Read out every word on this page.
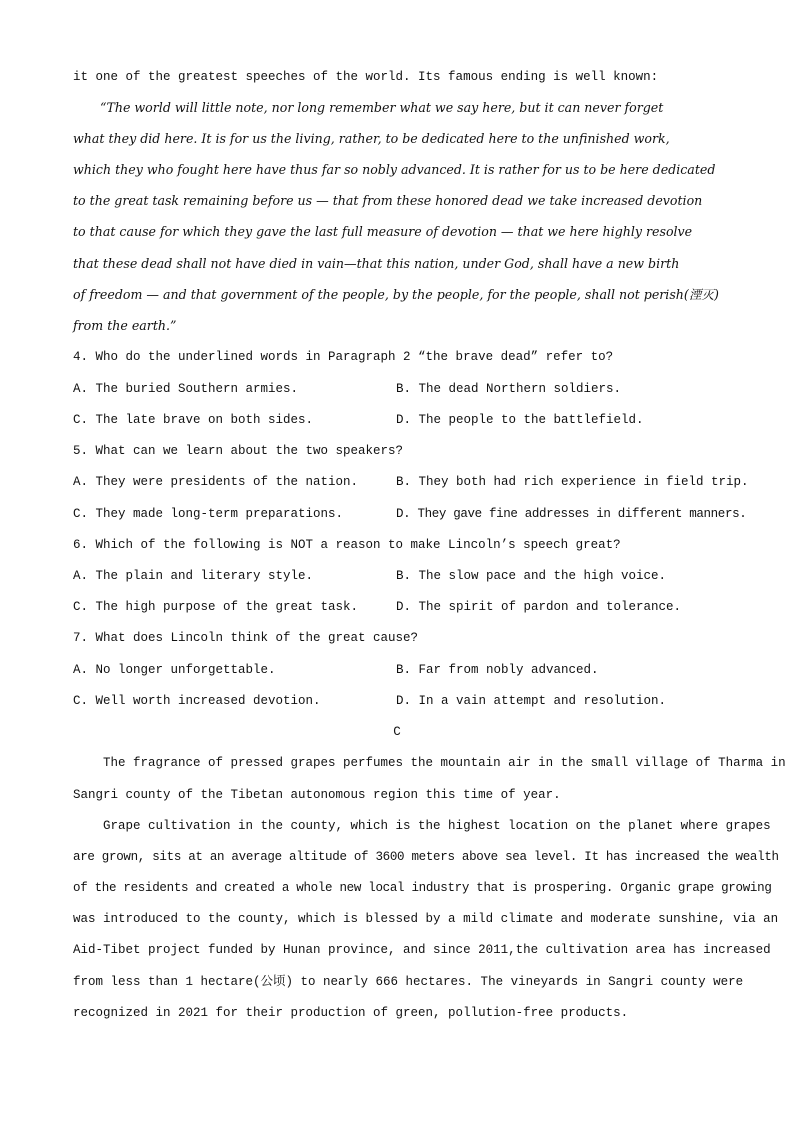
it one of the greatest speeches of the world. Its famous ending is well known:
“The world will little note, nor long remember what we say here, but it can never forget
what they did here. It is for us the living, rather, to be dedicated here to the unfinished work,
which they who fought here have thus far so nobly advanced. It is rather for us to be here dedicated
to the great task remaining before us — that from these honored dead we take increased devotion
to that cause for which they gave the last full measure of devotion — that we here highly resolve
that these dead shall not have died in vain—that this nation, under God, shall have a new birth
of freedom — and that government of the people, by the people, for the people, shall not perish(湮灭)
from the earth.”
4. Who do the underlined words in Paragraph 2 “the brave dead” refer to?
A. The buried Southern armies.	B. The dead Northern soldiers.
C. The late brave on both sides.	D. The people to the battlefield.
5. What can we learn about the two speakers?
A. They were presidents of the nation.	B. They both had rich experience in field trip.
C. They made long-term preparations.	D. They gave fine addresses in different manners.
6. Which of the following is NOT a reason to make Lincoln’s speech great?
A. The plain and literary style.	B. The slow pace and the high voice.
C. The high purpose of the great task.	D. The spirit of pardon and tolerance.
7. What does Lincoln think of the great cause?
A. No longer unforgettable.	B. Far from nobly advanced.
C. Well worth increased devotion.	D. In a vain attempt and resolution.
C
The fragrance of pressed grapes perfumes the mountain air in the small village of Tharma in
Sangri county of the Tibetan autonomous region this time of year.
Grape cultivation in the county, which is the highest location on the planet where grapes
are grown, sits at an average altitude of 3600 meters above sea level. It has increased the wealth
of the residents and created a whole new local industry that is prospering. Organic grape growing
was introduced to the county, which is blessed by a mild climate and moderate sunshine, via an
Aid-Tibet project funded by Hunan province, and since 2011,the cultivation area has increased
from less than 1 hectare(公顷) to nearly 666 hectares. The vineyards in Sangri county were
recognized in 2021 for their production of green, pollution-free products.
